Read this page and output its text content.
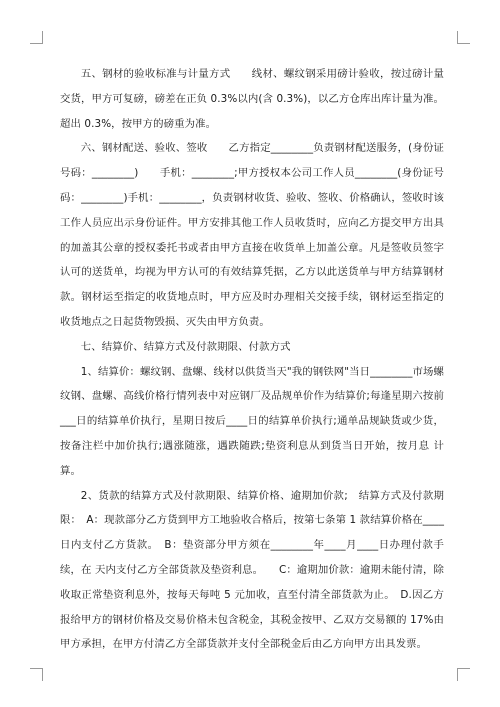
五、钢材的验收标准与计量方式　　线材、螺纹钢采用磅计验收，按过磅计量交货，甲方可复磅，磅差在正负 0.3%以内(含 0.3%)，以乙方仓库出库计量为准。超出 0.3%，按甲方的磅重为准。

六、钢材配送、验收、签收　　乙方指定________负责钢材配送服务，(身份证号码：________)　　手机：________;甲方授权本公司工作人员________(身份证号码：________)手机：________，负责钢材收货、验收、签收、价格确认，签收时该工作人员应出示身份证件。甲方安排其他工作人员收货时，应向乙方提交甲方出具的加盖其公章的授权委托书或者由甲方直接在收货单上加盖公章。凡是签收员签字认可的送货单，均视为甲方认可的有效结算凭据，乙方以此送货单与甲方结算钢材款。钢材运至指定的收货地点时，甲方应及时办理相关交接手续，钢材运至指定的收货地点之日起货物毁损、灭失由甲方负责。

七、结算价、结算方式及付款期限、付款方式

1、结算价：螺纹钢、盘螺、线材以供货当天"我的钢铁网"当日________市场螺纹钢、盘螺、高线价格行情列表中对应钢厂及品规单价作为结算价;每逢星期六按前___日的结算单价执行，星期日按后____日的结算单价执行;通单品规缺货或少货，按备注栏中加价执行;遇涨随涨，遇跌随跌;垫资利息从到货当日开始，按月息 计算。

2、货款的结算方式及付款期限、结算价格、逾期加价款;　结算方式及付款期限：　A：现款部分乙方货到甲方工地验收合格后，按第七条第 1 款结算价格在____日内支付乙方货款。　B：垫资部分甲方须在________年____月____日办理付款手续，在 天内支付乙方全部货款及垫资利息。　　C：逾期加价款：逾期未能付清，除收取正常垫资利息外，按每天每吨 5 元加收，直至付清全部货款为止。　D.因乙方报给甲方的钢材价格及交易价格未包含税金，其税金按甲、乙双方交易额的 17%由甲方承担，在甲方付清乙方全部货款并支付全部税金后由乙方向甲方出具发票。
